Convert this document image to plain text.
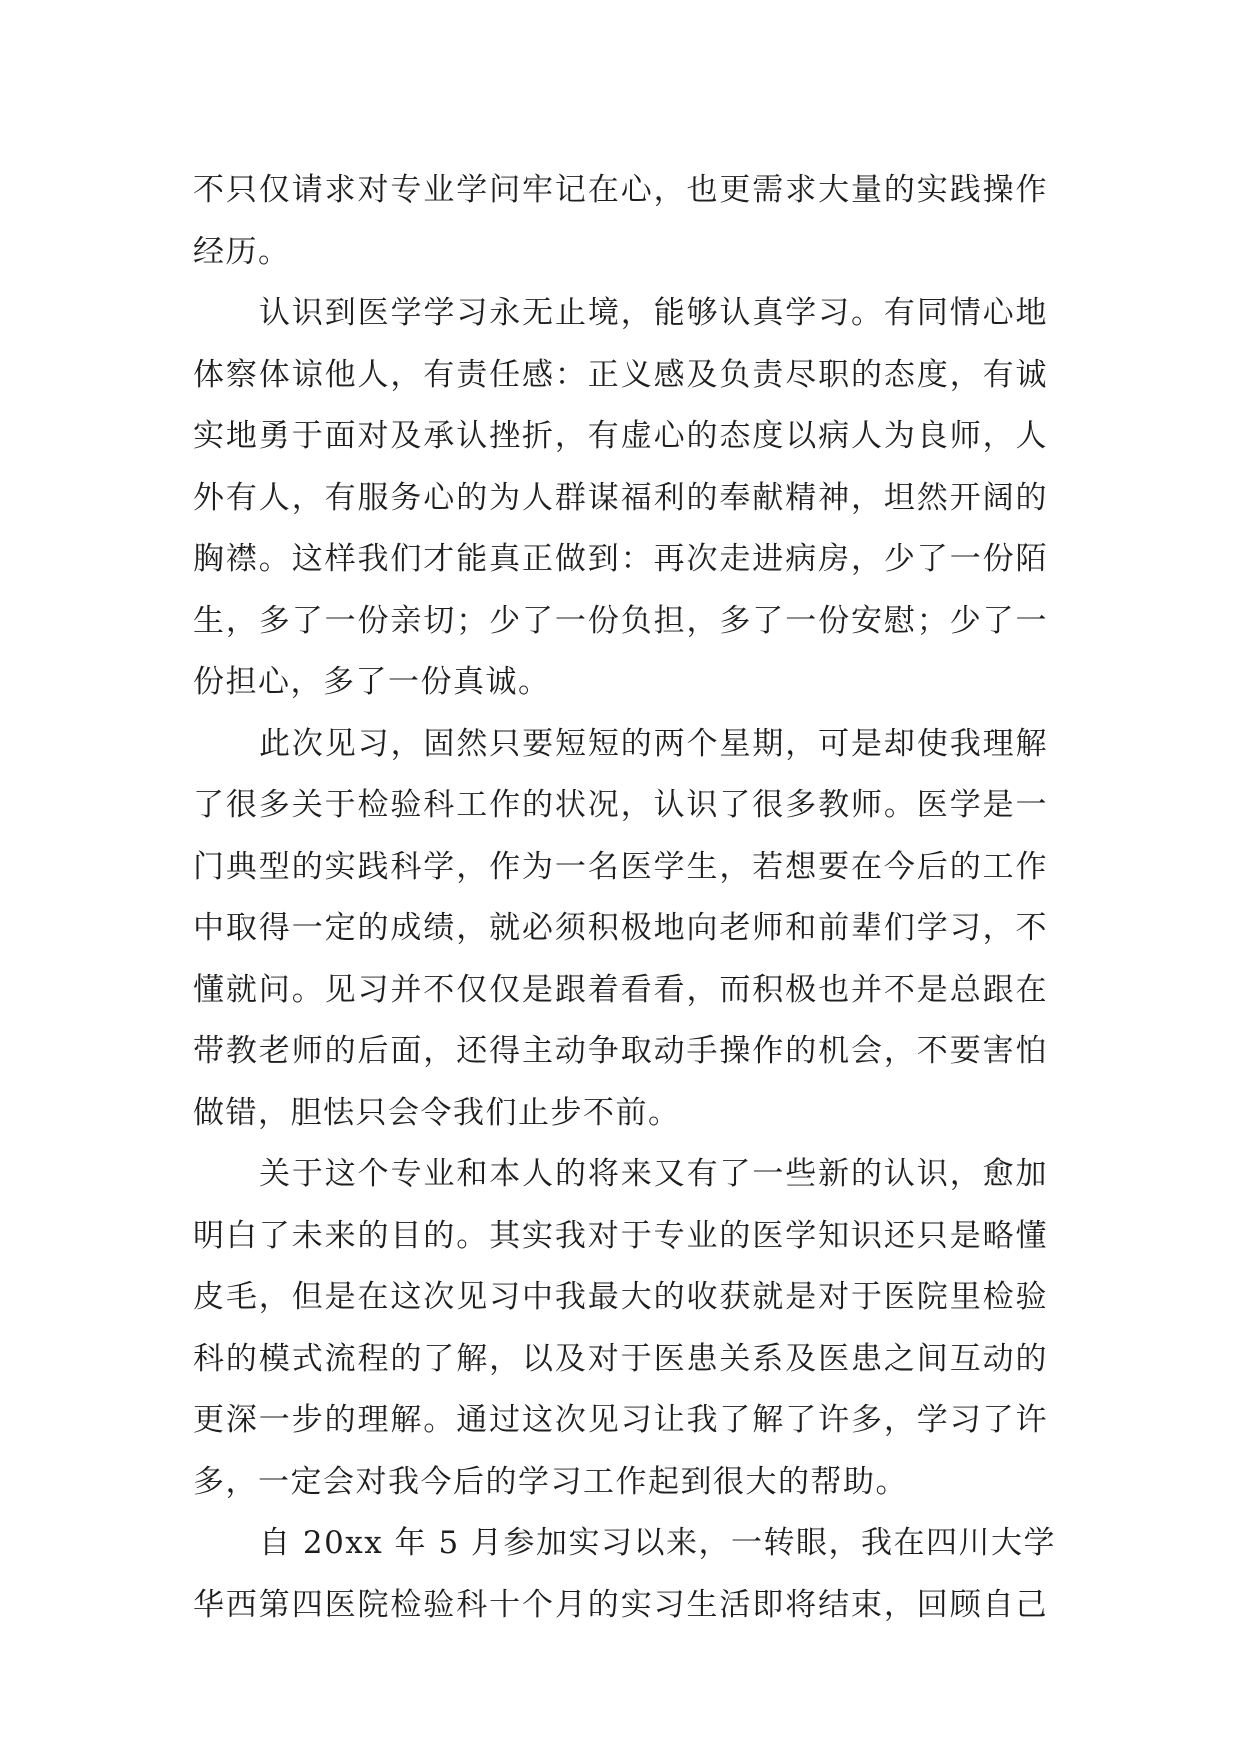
不只仅请求对专业学问牢记在心，也更需求大量的实践操作
经历。
认识到医学学习永无止境，能够认真学习。有同情心地
体察体谅他人，有责任感：正义感及负责尽职的态度，有诚
实地勇于面对及承认挫折，有虚心的态度以病人为良师，人
外有人，有服务心的为人群谋福利的奉献精神，坦然开阔的
胸襟。这样我们才能真正做到：再次走进病房，少了一份陌
生，多了一份亲切；少了一份负担，多了一份安慰；少了一
份担心，多了一份真诚。
此次见习，固然只要短短的两个星期，可是却使我理解
了很多关于检验科工作的状况，认识了很多教师。医学是一
门典型的实践科学，作为一名医学生，若想要在今后的工作
中取得一定的成绩，就必须积极地向老师和前辈们学习，不
懂就问。见习并不仅仅是跟着看看，而积极也并不是总跟在
带教老师的后面，还得主动争取动手操作的机会，不要害怕
做错，胆怯只会令我们止步不前。
关于这个专业和本人的将来又有了一些新的认识，愈加
明白了未来的目的。其实我对于专业的医学知识还只是略懂
皮毛，但是在这次见习中我最大的收获就是对于医院里检验
科的模式流程的了解，以及对于医患关系及医患之间互动的
更深一步的理解。通过这次见习让我了解了许多，学习了许
多，一定会对我今后的学习工作起到很大的帮助。
自 20xx 年 5 月参加实习以来，一转眼，我在四川大学
华西第四医院检验科十个月的实习生活即将结束，回顾自己
